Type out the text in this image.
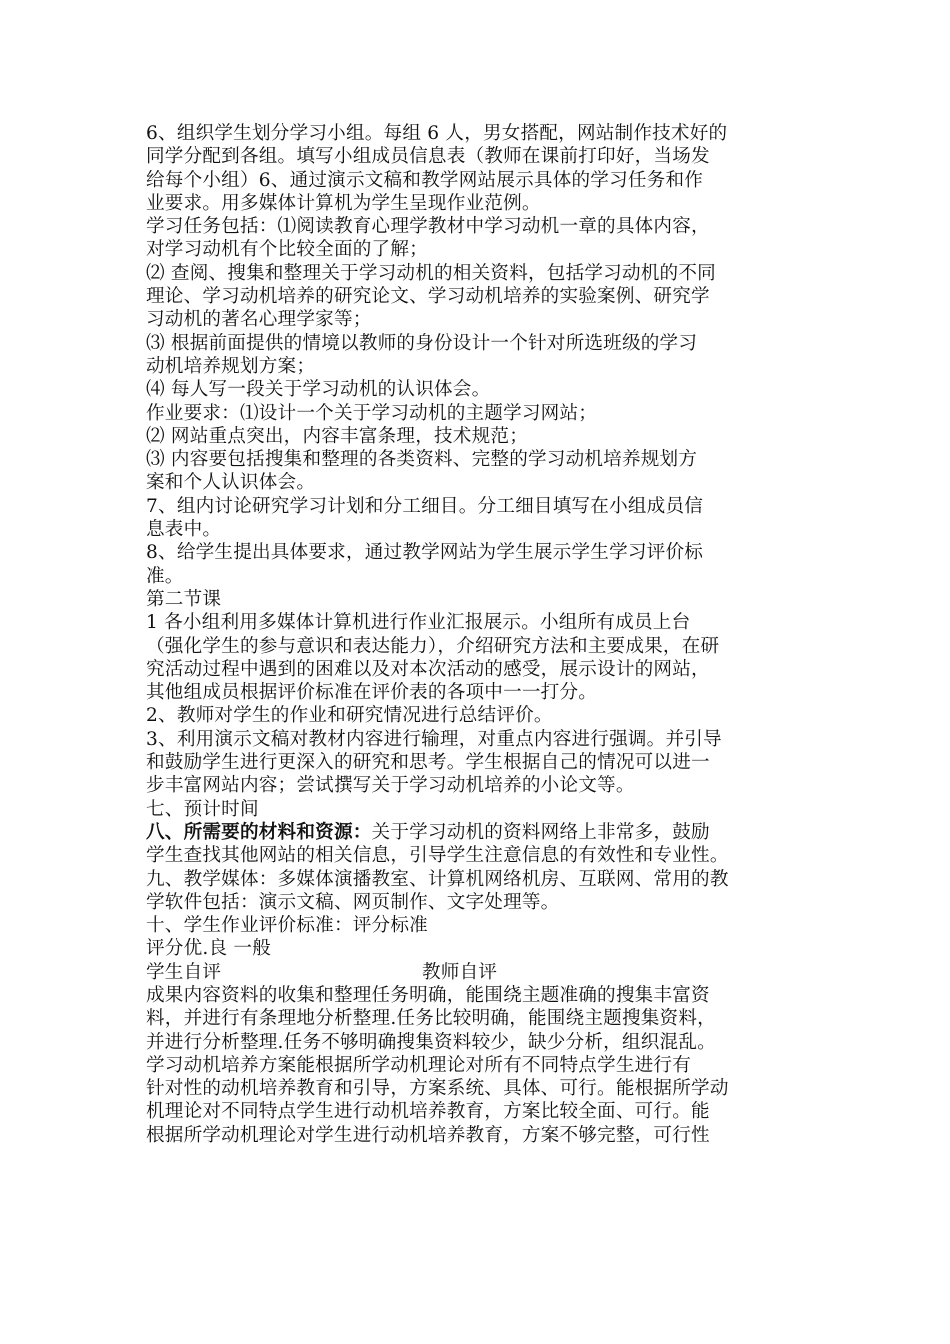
6、组织学生划分学习小组。每组 6 人，男女搭配，网站制作技术好的
同学分配到各组。填写小组成员信息表（教师在课前打印好，当场发
给每个小组）6、通过演示文稿和教学网站展示具体的学习任务和作
业要求。用多媒体计算机为学生呈现作业范例。
学习任务包括：⑴阅读教育心理学教材中学习动机一章的具体内容，
对学习动机有个比较全面的了解；
⑵ 查阅、搜集和整理关于学习动机的相关资料，包括学习动机的不同
理论、学习动机培养的研究论文、学习动机培养的实验案例、研究学
习动机的著名心理学家等；
⑶ 根据前面提供的情境以教师的身份设计一个针对所选班级的学习
动机培养规划方案；
⑷ 每人写一段关于学习动机的认识体会。
作业要求：⑴设计一个关于学习动机的主题学习网站；
⑵ 网站重点突出，内容丰富条理，技术规范；
⑶ 内容要包括搜集和整理的各类资料、完整的学习动机培养规划方
案和个人认识体会。
7、组内讨论研究学习计划和分工细目。分工细目填写在小组成员信
息表中。
8、给学生提出具体要求，通过教学网站为学生展示学生学习评价标
准。
第二节课
1 各小组利用多媒体计算机进行作业汇报展示。小组所有成员上台
（强化学生的参与意识和表达能力），介绍研究方法和主要成果，在研
究活动过程中遇到的困难以及对本次活动的感受，展示设计的网站，
其他组成员根据评价标准在评价表的各项中一一打分。
2、教师对学生的作业和研究情况进行总结评价。
3、利用演示文稿对教材内容进行输理，对重点内容进行强调。并引导
和鼓励学生进行更深入的研究和思考。学生根据自己的情况可以进一
步丰富网站内容；尝试撰写关于学习动机培养的小论文等。
七、预计时间
八、所需要的材料和资源：关于学习动机的资料网络上非常多，鼓励
学生查找其他网站的相关信息，引导学生注意信息的有效性和专业性。
九、教学媒体：多媒体演播教室、计算机网络机房、互联网、常用的教
学软件包括：演示文稿、网页制作、文字处理等。
十、学生作业评价标准：评分标准
评分优.良 一般
学生自评	教师自评
成果内容资料的收集和整理任务明确，能围绕主题准确的搜集丰富资
料，并进行有条理地分析整理.任务比较明确，能围绕主题搜集资料，
并进行分析整理.任务不够明确搜集资料较少，缺少分析，组织混乱。
学习动机培养方案能根据所学动机理论对所有不同特点学生进行有
针对性的动机培养教育和引导，方案系统、具体、可行。能根据所学动
机理论对不同特点学生进行动机培养教育，方案比较全面、可行。能
根据所学动机理论对学生进行动机培养教育，方案不够完整，可行性
